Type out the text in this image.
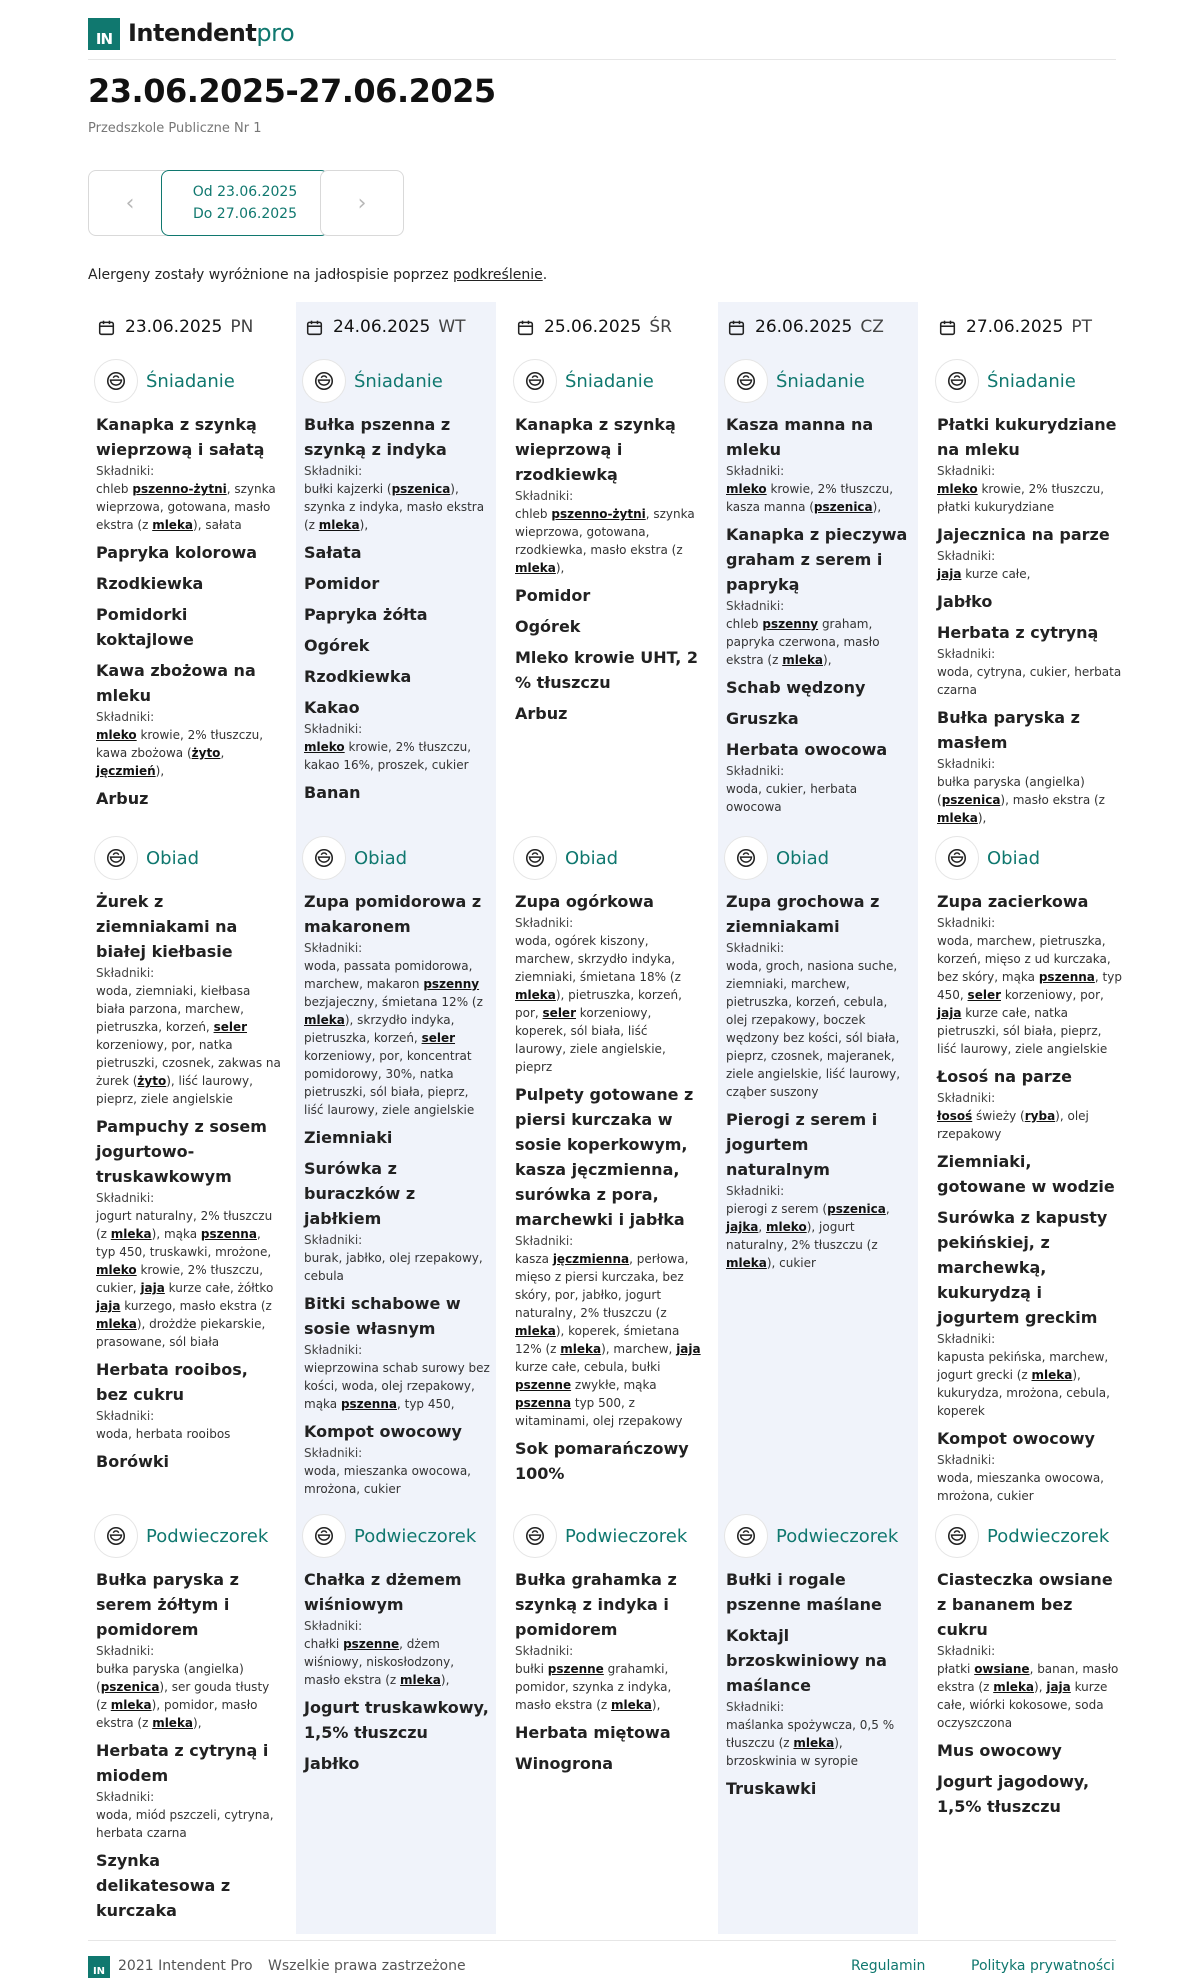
IN Intendentpro
23.06.2025-27.06.2025
Przedszkole Publiczne Nr 1
‹	Od 23.06.2025
Do 27.06.2025	›
Alergeny zostały wyróżnione na jadłospisie poprzez podkreślenie.
23.06.2025 PN
Śniadanie
Kanapka z szynką wieprzową i sałatą
Składniki:
chleb pszenno-żytni, szynka wieprzowa, gotowana, masło ekstra (z mleka), sałata
Papryka kolorowa
Rzodkiewka
Pomidorki koktajlowe
Kawa zbożowa na mleku
Składniki:
mleko krowie, 2% tłuszczu, kawa zbożowa (żyto, jęczmień),
Arbuz
Obiad
Żurek z ziemniakami na białej kiełbasie
Składniki:
woda, ziemniaki, kiełbasa biała parzona, marchew, pietruszka, korzeń, seler korzeniowy, por, natka pietruszki, czosnek, zakwas na żurek (żyto), liść laurowy, pieprz, ziele angielskie
Pampuchy z sosem jogurtowo-truskawkowym
Składniki:
jogurt naturalny, 2% tłuszczu (z mleka), mąka pszenna, typ 450, truskawki, mrożone, mleko krowie, 2% tłuszczu, cukier, jaja kurze całe, żółtko jaja kurzego, masło ekstra (z mleka), drożdże piekarskie, prasowane, sól biała
Herbata rooibos, bez cukru
Składniki:
woda, herbata rooibos
Borówki
Podwieczorek
Bułka paryska z serem żółtym i pomidorem
Składniki:
bułka paryska (angielka) (pszenica), ser gouda tłusty (z mleka), pomidor, masło ekstra (z mleka),
Herbata z cytryną i miodem
Składniki:
woda, miód pszczeli, cytryna, herbata czarna
Szynka delikatesowa z kurczaka
24.06.2025 WT
Śniadanie
Bułka pszenna z szynką z indyka
Składniki:
bułki kajzerki (pszenica), szynka z indyka, masło ekstra (z mleka),
Sałata
Pomidor
Papryka żółta
Ogórek
Rzodkiewka
Kakao
Składniki:
mleko krowie, 2% tłuszczu, kakao 16%, proszek, cukier
Banan
Obiad
Zupa pomidorowa z makaronem
Składniki:
woda, passata pomidorowa, marchew, makaron pszenny bezjajeczny, śmietana 12% (z mleka), skrzydło indyka, pietruszka, korzeń, seler korzeniowy, por, koncentrat pomidorowy, 30%, natka pietruszki, sól biała, pieprz, liść laurowy, ziele angielskie
Ziemniaki
Surówka z buraczków z jabłkiem
Składniki:
burak, jabłko, olej rzepakowy, cebula
Bitki schabowe w sosie własnym
Składniki:
wieprzowina schab surowy bez kości, woda, olej rzepakowy, mąka pszenna, typ 450,
Kompot owocowy
Składniki:
woda, mieszanka owocowa, mrożona, cukier
Podwieczorek
Chałka z dżemem wiśniowym
Składniki:
chałki pszenne, dżem wiśniowy, niskosłodzony, masło ekstra (z mleka),
Jogurt truskawkowy, 1,5% tłuszczu
Jabłko
25.06.2025 ŚR
Śniadanie
Kanapka z szynką wieprzową i rzodkiewką
Składniki:
chleb pszenno-żytni, szynka wieprzowa, gotowana, rzodkiewka, masło ekstra (z mleka),
Pomidor
Ogórek
Mleko krowie UHT, 2 % tłuszczu
Arbuz
Obiad
Zupa ogórkowa
Składniki:
woda, ogórek kiszony, marchew, skrzydło indyka, ziemniaki, śmietana 18% (z mleka), pietruszka, korzeń, por, seler korzeniowy, koperek, sól biała, liść laurowy, ziele angielskie, pieprz
Pulpety gotowane z piersi kurczaka w sosie koperkowym, kasza jęczmienna, surówka z pora, marchewki i jabłka
Składniki:
kasza jęczmienna, perłowa, mięso z piersi kurczaka, bez skóry, por, jabłko, jogurt naturalny, 2% tłuszczu (z mleka), koperek, śmietana 12% (z mleka), marchew, jaja kurze całe, cebula, bułki pszenne zwykłe, mąka pszenna typ 500, z witaminami, olej rzepakowy
Sok pomarańczowy 100%
Podwieczorek
Bułka grahamka z szynką z indyka i pomidorem
Składniki:
bułki pszenne grahamki, pomidor, szynka z indyka, masło ekstra (z mleka),
Herbata miętowa
Winogrona
26.06.2025 CZ
Śniadanie
Kasza manna na mleku
Składniki:
mleko krowie, 2% tłuszczu, kasza manna (pszenica),
Kanapka z pieczywa graham z serem i papryką
Składniki:
chleb pszenny graham, papryka czerwona, masło ekstra (z mleka),
Schab wędzony
Gruszka
Herbata owocowa
Składniki:
woda, cukier, herbata owocowa
Obiad
Zupa grochowa z ziemniakami
Składniki:
woda, groch, nasiona suche, ziemniaki, marchew, pietruszka, korzeń, cebula, olej rzepakowy, boczek wędzony bez kości, sól biała, pieprz, czosnek, majeranek, ziele angielskie, liść laurowy, cząber suszony
Pierogi z serem i jogurtem naturalnym
Składniki:
pierogi z serem (pszenica, jajka, mleko), jogurt naturalny, 2% tłuszczu (z mleka), cukier
Podwieczorek
Bułki i rogale pszenne maślane
Koktajl brzoskwiniowy na maślance
Składniki:
maślanka spożywcza, 0,5 % tłuszczu (z mleka), brzoskwinia w syropie
Truskawki
27.06.2025 PT
Śniadanie
Płatki kukurydziane na mleku
Składniki:
mleko krowie, 2% tłuszczu, płatki kukurydziane
Jajecznica na parze
Składniki:
jaja kurze całe,
Jabłko
Herbata z cytryną
Składniki:
woda, cytryna, cukier, herbata czarna
Bułka paryska z masłem
Składniki:
bułka paryska (angielka) (pszenica), masło ekstra (z mleka),
Obiad
Zupa zacierkowa
Składniki:
woda, marchew, pietruszka, korzeń, mięso z ud kurczaka, bez skóry, mąka pszenna, typ 450, seler korzeniowy, por, jaja kurze całe, natka pietruszki, sól biała, pieprz, liść laurowy, ziele angielskie
Łosoś na parze
Składniki:
łosoś świeży (ryba), olej rzepakowy
Ziemniaki, gotowane w wodzie
Surówka z kapusty pekińskiej, z marchewką, kukurydzą i jogurtem greckim
Składniki:
kapusta pekińska, marchew, jogurt grecki (z mleka), kukurydza, mrożona, cebula, koperek
Kompot owocowy
Składniki:
woda, mieszanka owocowa, mrożona, cukier
Podwieczorek
Ciasteczka owsiane z bananem bez cukru
Składniki:
płatki owsiane, banan, masło ekstra (z mleka), jaja kurze całe, wiórki kokosowe, soda oczyszczona
Mus owocowy
Jogurt jagodowy, 1,5% tłuszczu
IN 2021 Intendent Pro Wszelkie prawa zastrzeżone	Regulamin	Polityka prywatności
